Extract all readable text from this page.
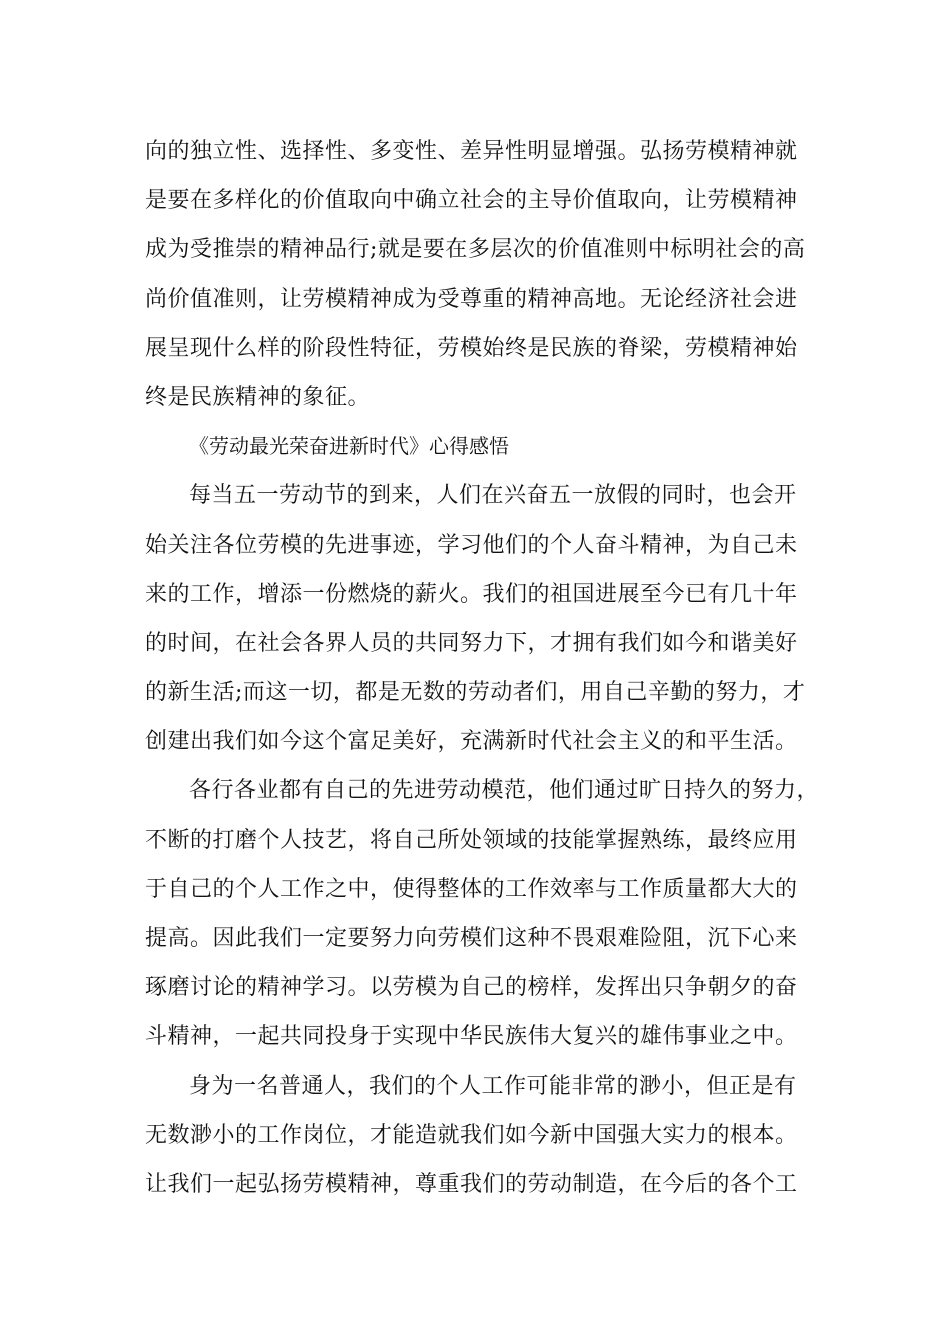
向的独立性、选择性、多变性、差异性明显增强。弘扬劳模精神就
是要在多样化的价值取向中确立社会的主导价值取向，让劳模精神
成为受推崇的精神品行;就是要在多层次的价值准则中标明社会的高
尚价值准则，让劳模精神成为受尊重的精神高地。无论经济社会进
展呈现什么样的阶段性特征，劳模始终是民族的脊梁，劳模精神始
终是民族精神的象征。
《劳动最光荣奋进新时代》心得感悟
每当五一劳动节的到来，人们在兴奋五一放假的同时，也会开
始关注各位劳模的先进事迹，学习他们的个人奋斗精神，为自己未
来的工作，增添一份燃烧的薪火。我们的祖国进展至今已有几十年
的时间，在社会各界人员的共同努力下，才拥有我们如今和谐美好
的新生活;而这一切，都是无数的劳动者们，用自己辛勤的努力，才
创建出我们如今这个富足美好，充满新时代社会主义的和平生活。
各行各业都有自己的先进劳动模范，他们通过旷日持久的努力，
不断的打磨个人技艺，将自己所处领域的技能掌握熟练，最终应用
于自己的个人工作之中，使得整体的工作效率与工作质量都大大的
提高。因此我们一定要努力向劳模们这种不畏艰难险阻，沉下心来
琢磨讨论的精神学习。以劳模为自己的榜样，发挥出只争朝夕的奋
斗精神，一起共同投身于实现中华民族伟大复兴的雄伟事业之中。
身为一名普通人，我们的个人工作可能非常的渺小，但正是有
无数渺小的工作岗位，才能造就我们如今新中国强大实力的根本。
让我们一起弘扬劳模精神，尊重我们的劳动制造，在今后的各个工
